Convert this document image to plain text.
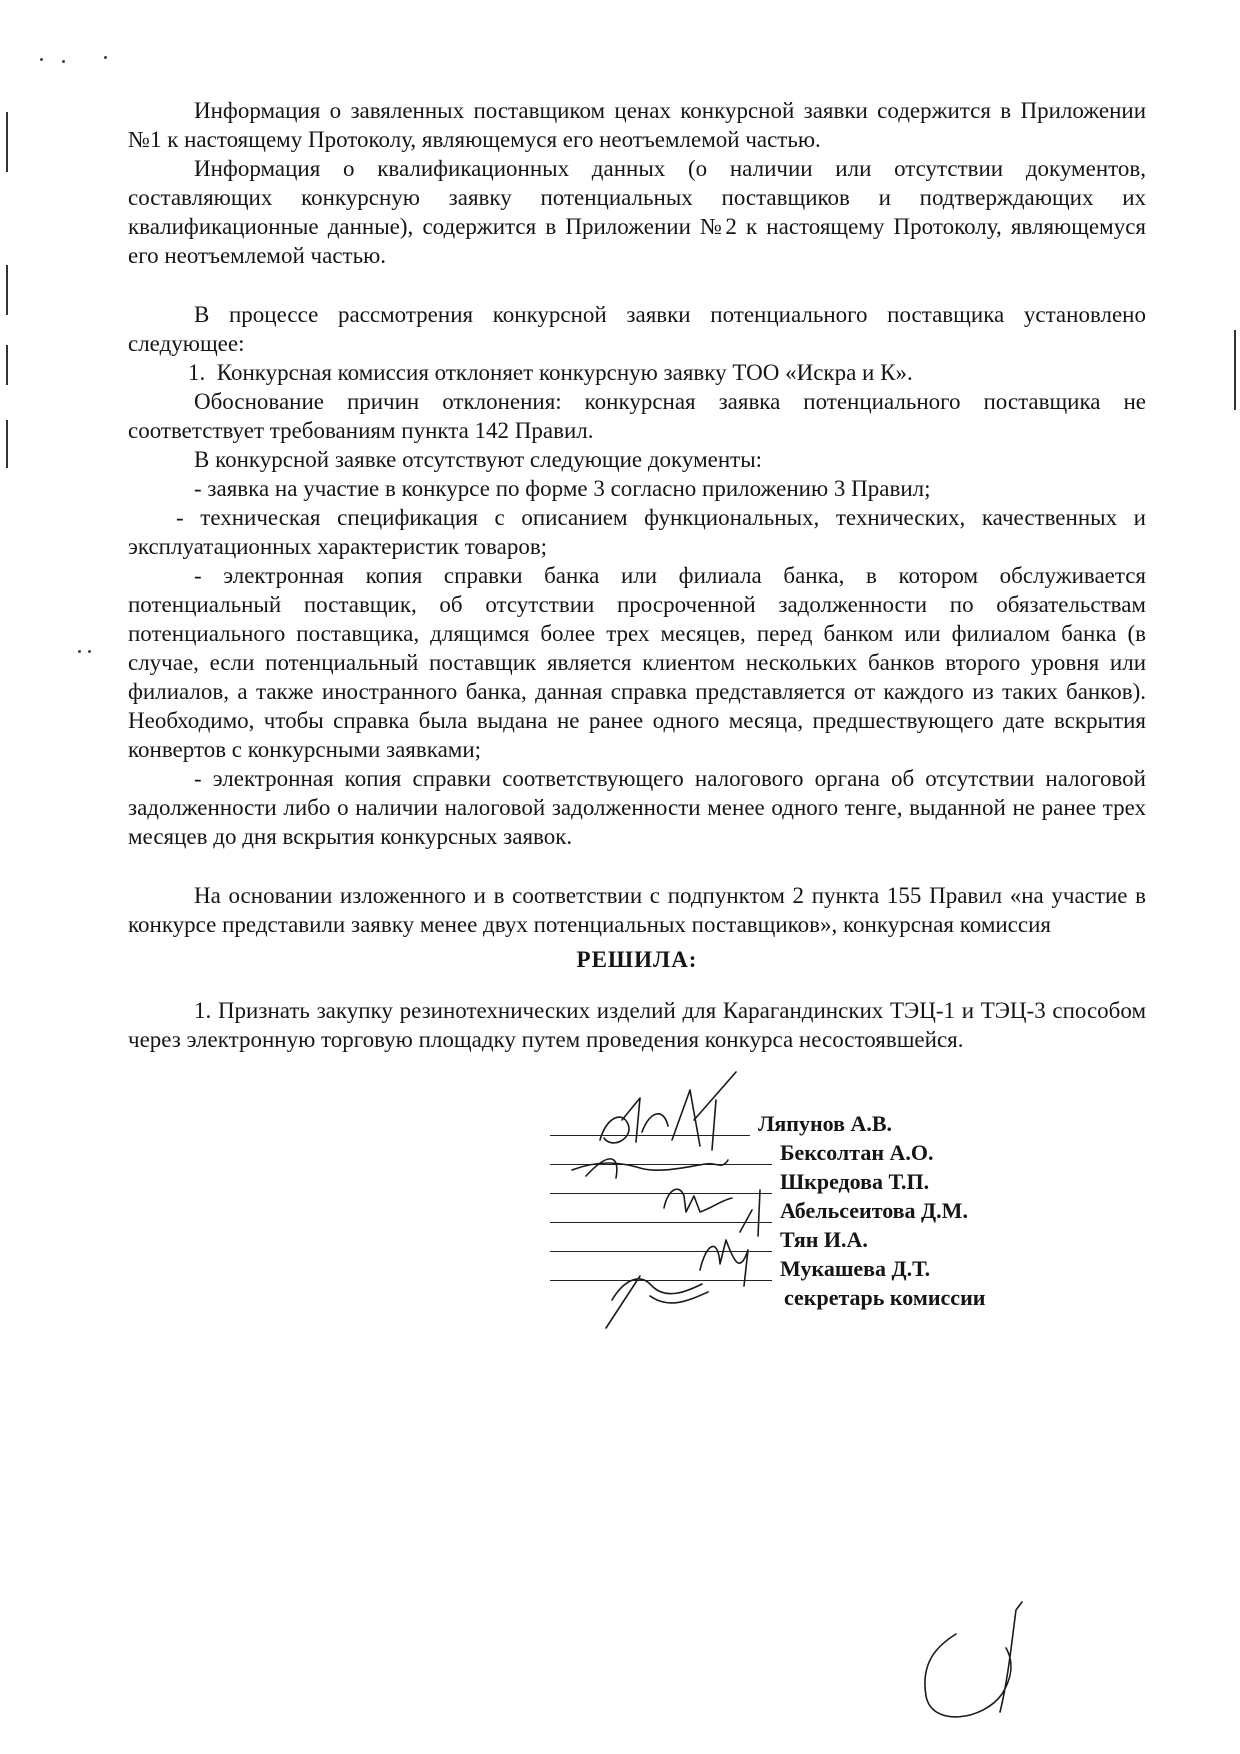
Информация о завяленных поставщиком ценах конкурсной заявки содержится в Приложении №1 к настоящему Протоколу, являющемуся его неотъемлемой частью.

Информация о квалификационных данных (о наличии или отсутствии документов, составляющих конкурсную заявку потенциальных поставщиков и подтверждающих их квалификационные данные), содержится в Приложении №2 к настоящему Протоколу, являющемуся его неотъемлемой частью.

В процессе рассмотрения конкурсной заявки потенциального поставщика установлено следующее:

1.  Конкурсная комиссия отклоняет конкурсную заявку ТОО «Искра и К».

Обоснование причин отклонения: конкурсная заявка потенциального поставщика не соответствует требованиям пункта 142 Правил.

В конкурсной заявке отсутствуют следующие документы:

- заявка на участие в конкурсе по форме 3 согласно приложению 3 Правил;

- техническая спецификация с описанием функциональных, технических, качественных и эксплуатационных характеристик товаров;

- электронная копия справки банка или филиала банка, в котором обслуживается потенциальный поставщик, об отсутствии просроченной задолженности по обязательствам потенциального поставщика, длящимся более трех месяцев, перед банком или филиалом банка (в случае, если потенциальный поставщик является клиентом нескольких банков второго уровня или филиалов, а также иностранного банка, данная справка представляется от каждого из таких банков). Необходимо, чтобы справка была выдана не ранее одного месяца, предшествующего дате вскрытия конвертов с конкурсными заявками;

- электронная копия справки соответствующего налогового органа об отсутствии налоговой задолженности либо о наличии налоговой задолженности менее одного тенге, выданной не ранее трех месяцев до дня вскрытия конкурсных заявок.

На основании изложенного и в соответствии с подпунктом 2 пункта 155 Правил «на участие в конкурсе представили заявку менее двух потенциальных поставщиков», конкурсная комиссия

РЕШИЛА:

1. Признать закупку резинотехнических изделий для Карагандинских ТЭЦ-1 и ТЭЦ-3 способом через электронную торговую площадку путем проведения конкурса несостоявшейся.

Ляпунов А.В.
Бексолтан А.О.
Шкредова Т.П.
Абельсеитова Д.М.
Тян И.А.
Мукашева Д.Т.
секретарь комиссии
